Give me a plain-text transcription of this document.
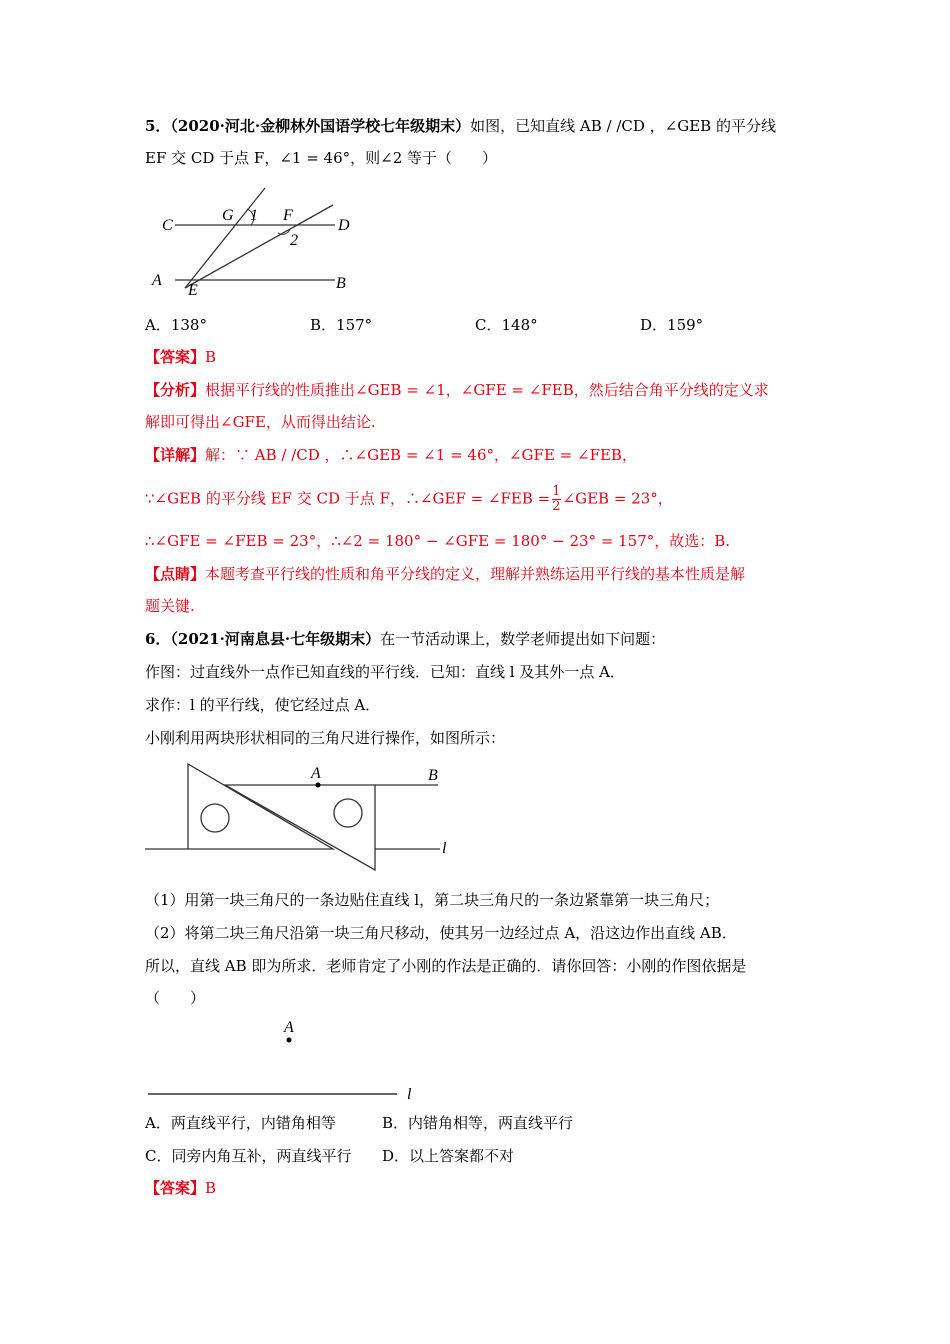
5．（2020·河北·金柳林外国语学校七年级期末）如图，已知直线 AB / /CD ，∠GEB 的平分线
EF 交 CD 于点 F，∠1 = 46°，则∠2 等于（　　）
C
G 1 F
D
2
A
E	B
A．138°	B．157°	C．148°	D．159°
【答案】B
【分析】根据平行线的性质推出∠GEB = ∠1，∠GFE = ∠FEB，然后结合角平分线的定义求
解即可得出∠GFE，从而得出结论.
【详解】解：∵ AB / /CD ，∴∠GEB = ∠1 = 46°，∠GFE = ∠FEB，
∵∠GEB 的平分线 EF 交 CD 于点 F，∴∠GEF = ∠FEB = $\frac{1}{2}$ ∠GEB = 23°，
∴∠GFE = ∠FEB = 23°，∴∠2 = 180° − ∠GFE = 180° − 23° = 157°，故选：B.
【点睛】本题考查平行线的性质和角平分线的定义，理解并熟练运用平行线的基本性质是解
题关键.
6．（2021·河南息县·七年级期末）在一节活动课上，数学老师提出如下问题：
作图：过直线外一点作已知直线的平行线．已知：直线 l 及其外一点 A．
求作：l 的平行线，使它经过点 A．
小刚利用两块形状相同的三角尺进行操作，如图所示：
A	B
l
（1）用第一块三角尺的一条边贴住直线 l，第二块三角尺的一条边紧靠第一块三角尺；
（2）将第二块三角尺沿第一块三角尺移动，使其另一边经过点 A，沿这边作出直线 AB．
所以，直线 AB 即为所求．老师肯定了小刚的作法是正确的．请你回答：小刚的作图依据是
（　　）
A
l
A．两直线平行，内错角相等	B．内错角相等，两直线平行
C．同旁内角互补，两直线平行 D．以上答案都不对
【答案】B
